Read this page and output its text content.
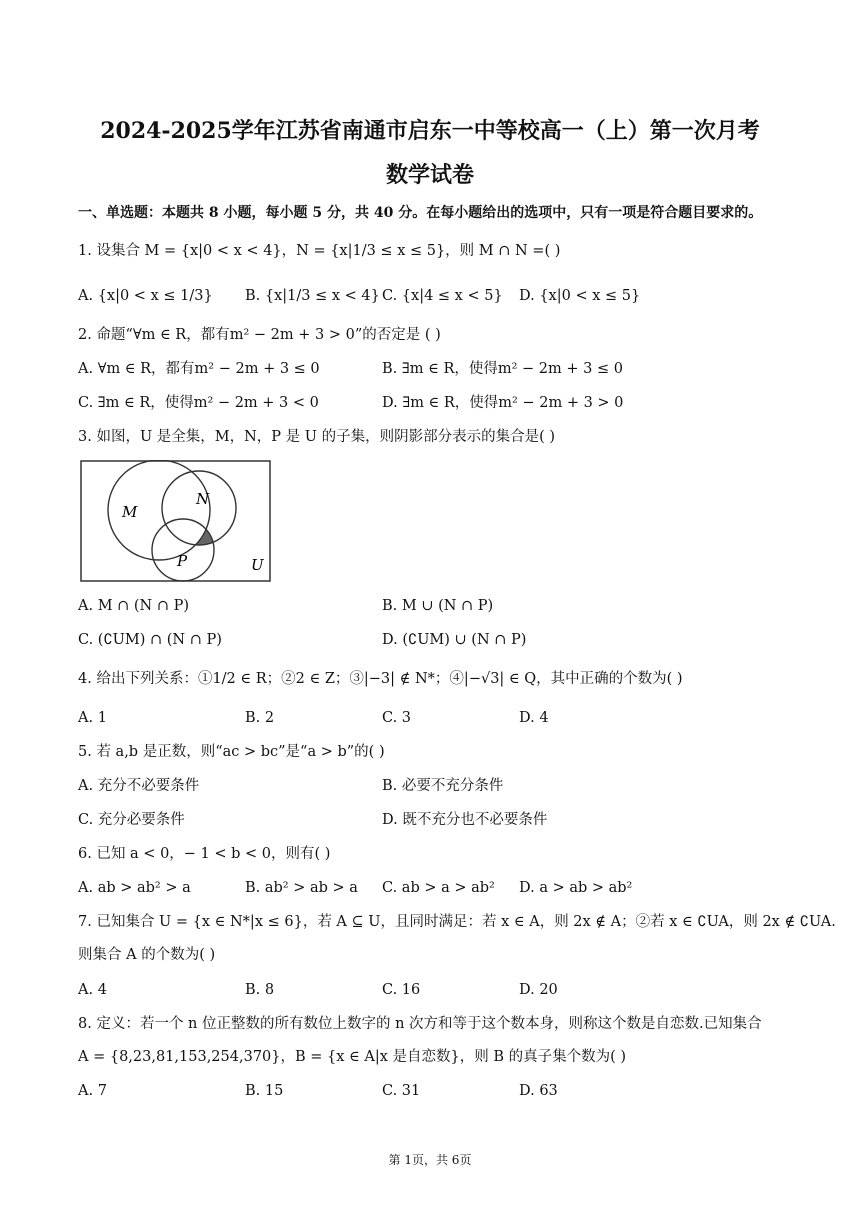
2024-2025学年江苏省南通市启东一中等校高一（上）第一次月考
数学试卷
一、单选题：本题共 8 小题，每小题 5 分，共 40 分。在每小题给出的选项中，只有一项是符合题目要求的。
1. 设集合 M = {x|0 < x < 4}，N = {x|1/3 ≤ x ≤ 5}，则 M ∩ N =( )
A. {x|0 < x ≤ 1/3} B. {x|1/3 ≤ x < 4} C. {x|4 ≤ x < 5} D. {x|0 < x ≤ 5}
2. 命题“∀m ∈ R，都有m² − 2m + 3 > 0”的否定是 ( )
A. ∀m ∈ R，都有m² − 2m + 3 ≤ 0	B. ∃m ∈ R，使得m² − 2m + 3 ≤ 0
C. ∃m ∈ R，使得m² − 2m + 3 < 0	D. ∃m ∈ R，使得m² − 2m + 3 > 0
3. 如图，U 是全集，M，N，P 是 U 的子集，则阴影部分表示的集合是( )
M
N
P	U
A. M ∩ (N ∩ P)	B. M ∪ (N ∩ P)
C. (∁UM) ∩ (N ∩ P)	D. (∁UM) ∪ (N ∩ P)
4. 给出下列关系：①1/2 ∈ R；②2 ∈ Z；③|−3| ∉ N*；④|−√3| ∈ Q，其中正确的个数为( )
A. 1	B. 2	C. 3	D. 4
5. 若 a,b 是正数，则“ac > bc”是“a > b”的( )
A. 充分不必要条件	B. 必要不充分条件
C. 充分必要条件	D. 既不充分也不必要条件
6. 已知 a < 0，− 1 < b < 0，则有( )
A. ab > ab² > a	B. ab² > ab > a C. ab > a > ab² D. a > ab > ab²
7. 已知集合 U = {x ∈ N*|x ≤ 6}，若 A ⊆ U，且同时满足：若 x ∈ A，则 2x ∉ A；②若 x ∈ ∁UA，则 2x ∉ ∁UA.
则集合 A 的个数为( )
A. 4	B. 8	C. 16	D. 20
8. 定义：若一个 n 位正整数的所有数位上数字的 n 次方和等于这个数本身，则称这个数是自恋数.已知集合
A = {8,23,81,153,254,370}，B = {x ∈ A|x 是自恋数}，则 B 的真子集个数为( )
A. 7	B. 15	C. 31	D. 63
第 1页，共 6页
